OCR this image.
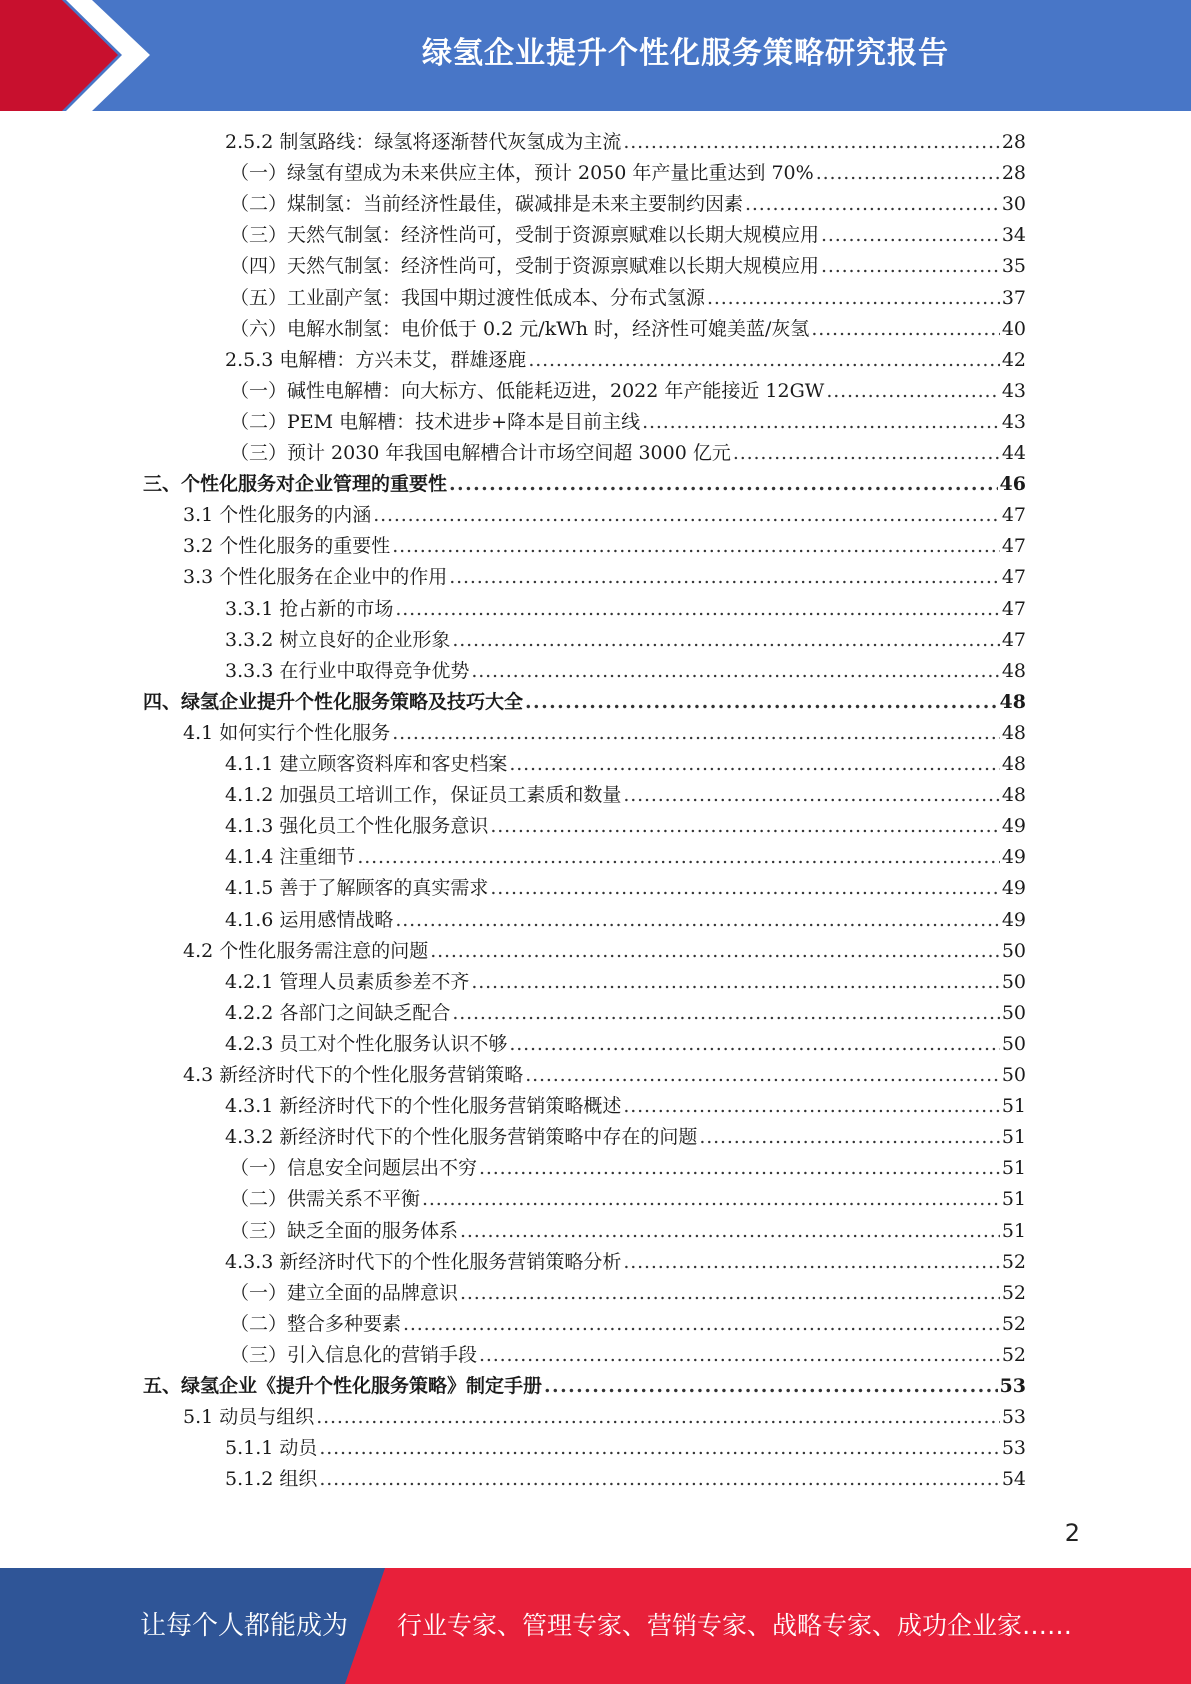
绿氢企业提升个性化服务策略研究报告
2.5.2 制氢路线：绿氢将逐渐替代灰氢成为主流 . . .	28
（一）绿氢有望成为未来供应主体，预计 2050 年产量比重达到 70% . . .	28
（二）煤制氢：当前经济性最佳，碳减排是未来主要制约因素 . . .	30
（三）天然气制氢：经济性尚可，受制于资源禀赋难以长期大规模应用 . . .	34
（四）天然气制氢：经济性尚可，受制于资源禀赋难以长期大规模应用 . . .	35
（五）工业副产氢：我国中期过渡性低成本、分布式氢源 . . .	37
（六）电解水制氢：电价低于 0.2 元/kWh 时，经济性可媲美蓝/灰氢 . . .	40
2.5.3 电解槽：方兴未艾，群雄逐鹿 . . .	42
（一）碱性电解槽：向大标方、低能耗迈进，2022 年产能接近 12GW . . .	43
（二）PEM 电解槽：技术进步+降本是目前主线 . . .	43
（三）预计 2030 年我国电解槽合计市场空间超 3000 亿元 . . .	44
三、个性化服务对企业管理的重要性 . . .	46
3.1 个性化服务的内涵 . . .	47
3.2 个性化服务的重要性 . . .	47
3.3 个性化服务在企业中的作用 . . .	47
3.3.1 抢占新的市场 . . .	47
3.3.2 树立良好的企业形象 . . .	47
3.3.3 在行业中取得竞争优势 . . .	48
四、绿氢企业提升个性化服务策略及技巧大全 . . .	48
4.1 如何实行个性化服务 . . .	48
4.1.1 建立顾客资料库和客史档案 . . .	48
4.1.2 加强员工培训工作，保证员工素质和数量 . . .	48
4.1.3 强化员工个性化服务意识 . . .	49
4.1.4 注重细节 . . .	49
4.1.5 善于了解顾客的真实需求 . . .	49
4.1.6 运用感情战略 . . .	49
4.2 个性化服务需注意的问题 . . .	50
4.2.1 管理人员素质参差不齐 . . .	50
4.2.2 各部门之间缺乏配合 . . .	50
4.2.3 员工对个性化服务认识不够 . . .	50
4.3 新经济时代下的个性化服务营销策略 . . .	50
4.3.1 新经济时代下的个性化服务营销策略概述 . . .	51
4.3.2 新经济时代下的个性化服务营销策略中存在的问题 . . .	51
（一）信息安全问题层出不穷 . . .	51
（二）供需关系不平衡 . . .	51
（三）缺乏全面的服务体系 . . .	51
4.3.3 新经济时代下的个性化服务营销策略分析 . . .	52
（一）建立全面的品牌意识 . . .	52
（二）整合多种要素 . . .	52
（三）引入信息化的营销手段 . . .	52
五、绿氢企业《提升个性化服务策略》制定手册 . . .	53
5.1 动员与组织 . . .	53
5.1.1 动员 . . .	53
5.1.2 组织 . . .	54
2
让每个人都能成为 行业专家、管理专家、营销专家、战略专家、成功企业家……
